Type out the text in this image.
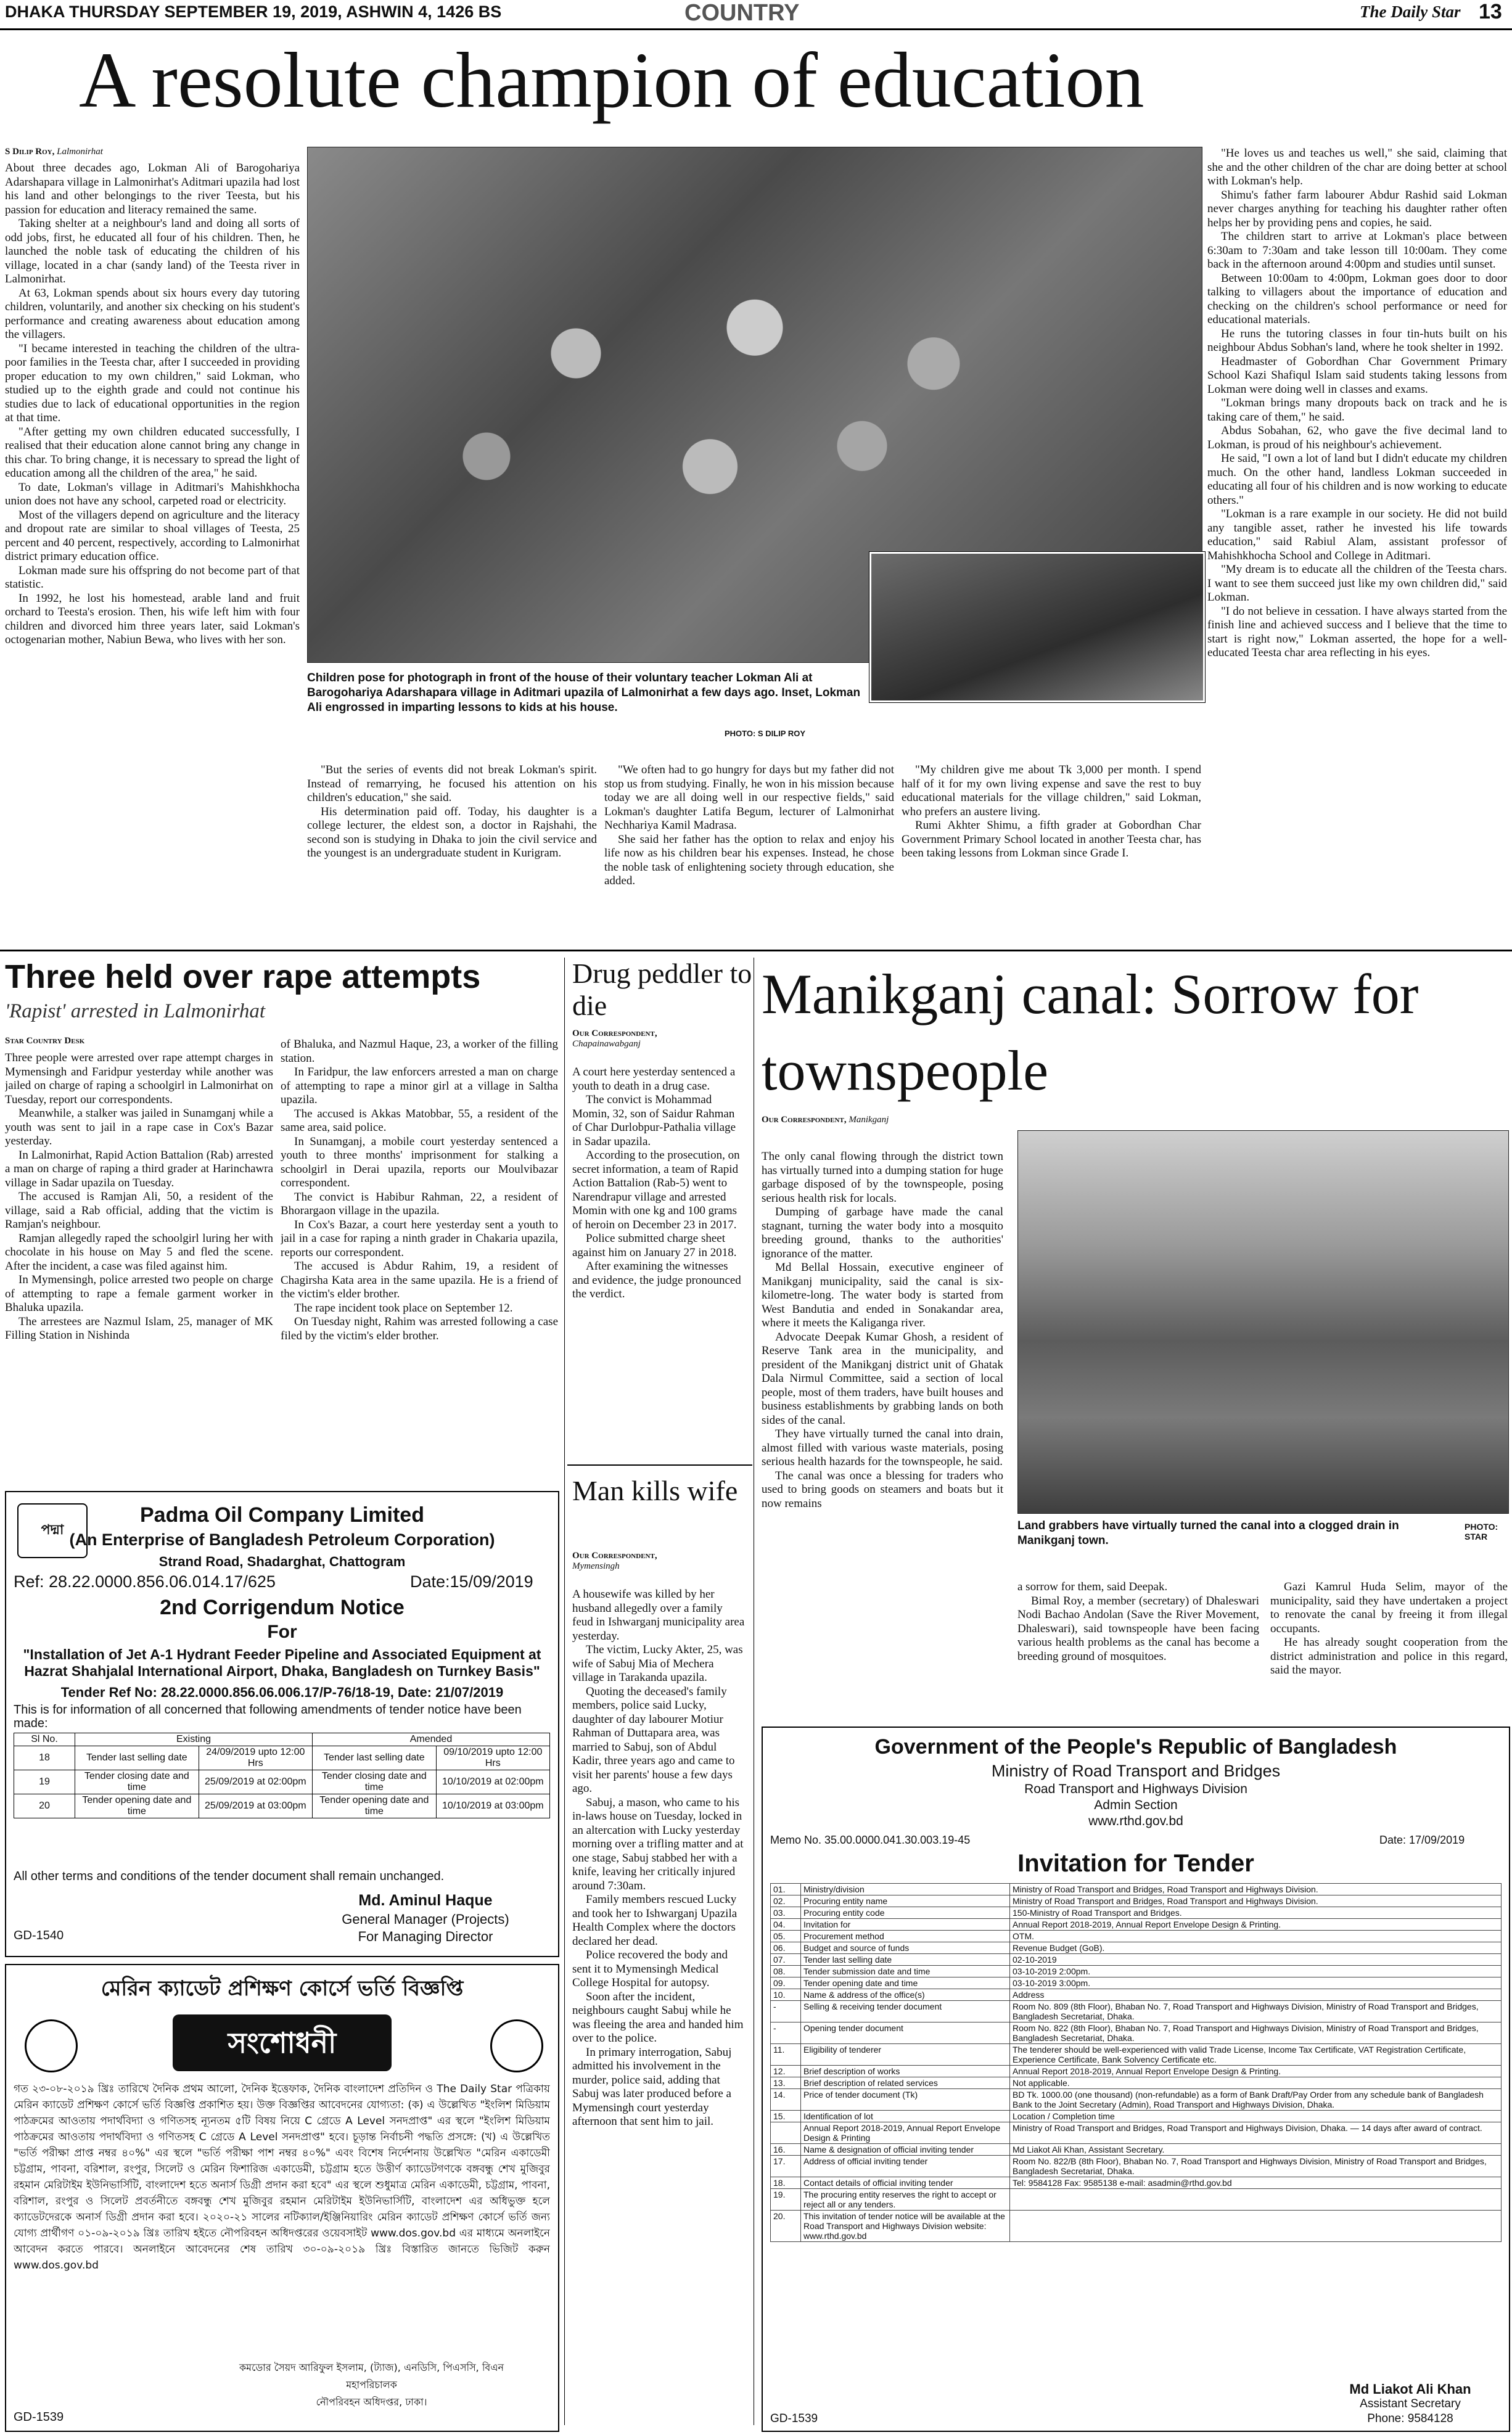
DHAKA THURSDAY SEPTEMBER 19, 2019, ASHWIN 4, 1426 BS	COUNTRY	The Daily Star 13
A resolute champion of education
S Dilip Roy, Lalmonirhat

About three decades ago, Lokman Ali of Barogohariya Adarshapara village in Lalmonirhat's Aditmari upazila had lost his land and other belongings to the river Teesta, but his passion for education and literacy remained the same.

Taking shelter at a neighbour's land and doing all sorts of odd jobs, first, he educated all four of his children. Then, he launched the noble task of educating the children of his village, located in a char (sandy land) of the Teesta river in Lalmonirhat.

At 63, Lokman spends about six hours every day tutoring children, voluntarily, and another six checking on his student's performance and creating awareness about education among the villagers.

"I became interested in teaching the children of the ultra-poor families in the Teesta char, after I succeeded in providing proper education to my own children," said Lokman, who studied up to the eighth grade and could not continue his studies due to lack of educational opportunities in the region at that time.

"After getting my own children educated successfully, I realised that their education alone cannot bring any change in this char. To bring change, it is necessary to spread the light of education among all the children of the area," he said.

To date, Lokman's village in Aditmari's Mahishkhocha union does not have any school, carpeted road or electricity.

Most of the villagers depend on agriculture and the literacy and dropout rate are similar to shoal villages of Teesta, 25 percent and 40 percent, respectively, according to Lalmonirhat district primary education office.

Lokman made sure his offspring do not become part of that statistic.

In 1992, he lost his homestead, arable land and fruit orchard to Teesta's erosion. Then, his wife left him with four children and divorced him three years later, said Lokman's octogenarian mother, Nabiun Bewa, who lives with her son.

Children pose for photograph in front of the house of their voluntary teacher Lokman Ali at Barogohariya Adarshapara village in Aditmari upazila of Lalmonirhat a few days ago. Inset, Lokman Ali engrossed in imparting lessons to kids at his house.
PHOTO: S DILIP ROY

"But the series of events did not break Lokman's spirit. Instead of remarrying, he focused his attention on his children's education," she said.

His determination paid off. Today, his daughter is a college lecturer, the eldest son, a doctor in Rajshahi, the second son is studying in Dhaka to join the civil service and the youngest is an undergraduate student in Kurigram.

"We often had to go hungry for days but my father did not stop us from studying. Finally, he won in his mission because today we are all doing well in our respective fields," said Lokman's daughter Latifa Begum, lecturer of Lalmonirhat Nechhariya Kamil Madrasa.

She said her father has the option to relax and enjoy his life now as his children bear his expenses. Instead, he chose the noble task of enlightening society through education, she added.

"My children give me about Tk 3,000 per month. I spend half of it for my own living expense and save the rest to buy educational materials for the village children," said Lokman, who prefers an austere living.

Rumi Akhter Shimu, a fifth grader at Gobordhan Char Government Primary School located in another Teesta char, has been taking lessons from Lokman since Grade I.

"He loves us and teaches us well," she said, claiming that she and the other children of the char are doing better at school with Lokman's help.

Shimu's father farm labourer Abdur Rashid said Lokman never charges anything for teaching his daughter rather often helps her by providing pens and copies, he said.

The children start to arrive at Lokman's place between 6:30am to 7:30am and take lesson till 10:00am. They come back in the afternoon around 4:00pm and studies until sunset.

Between 10:00am to 4:00pm, Lokman goes door to door talking to villagers about the importance of education and checking on the children's school performance or need for educational materials.

He runs the tutoring classes in four tin-huts built on his neighbour Abdus Sobhan's land, where he took shelter in 1992.

Headmaster of Gobordhan Char Government Primary School Kazi Shafiqul Islam said students taking lessons from Lokman were doing well in classes and exams.

"Lokman brings many dropouts back on track and he is taking care of them," he said.

Abdus Sobahan, 62, who gave the five decimal land to Lokman, is proud of his neighbour's achievement.

He said, "I own a lot of land but I didn't educate my children much. On the other hand, landless Lokman succeeded in educating all four of his children and is now working to educate others."

"Lokman is a rare example in our society. He did not build any tangible asset, rather he invested his life towards education," said Rabiul Alam, assistant professor of Mahishkhocha School and College in Aditmari.

"My dream is to educate all the children of the Teesta chars. I want to see them succeed just like my own children did," said Lokman.

"I do not believe in cessation. I have always started from the finish line and achieved success and I believe that the time to start is right now," Lokman asserted, the hope for a well-educated Teesta char area reflecting in his eyes.

Three held over rape attempts
'Rapist' arrested in Lalmonirhat
Star Country Desk

Three people were arrested over rape attempt charges in Mymensingh and Faridpur yesterday while another was jailed on charge of raping a schoolgirl in Lalmonirhat on Tuesday, report our correspondents.

Meanwhile, a stalker was jailed in Sunamganj while a youth was sent to jail in a rape case in Cox's Bazar yesterday.

In Lalmonirhat, Rapid Action Battalion (Rab) arrested a man on charge of raping a third grader at Harinchawra village in Sadar upazila on Tuesday.

The accused is Ramjan Ali, 50, a resident of the village, said a Rab official, adding that the victim is Ramjan's neighbour.

Ramjan allegedly raped the schoolgirl luring her with chocolate in his house on May 5 and fled the scene. After the incident, a case was filed against him.

In Mymensingh, police arrested two people on charge of attempting to rape a female garment worker in Bhaluka upazila.

The arrestees are Nazmul Islam, 25, manager of MK Filling Station in Nishinda

of Bhaluka, and Nazmul Haque, 23, a worker of the filling station.

In Faridpur, the law enforcers arrested a man on charge of attempting to rape a minor girl at a village in Saltha upazila.

The accused is Akkas Matobbar, 55, a resident of the same area, said police.

In Sunamganj, a mobile court yesterday sentenced a youth to three months' imprisonment for stalking a schoolgirl in Derai upazila, reports our Moulvibazar correspondent.

The convict is Habibur Rahman, 22, a resident of Bhorargaon village in the upazila.

In Cox's Bazar, a court here yesterday sent a youth to jail in a case for raping a ninth grader in Chakaria upazila, reports our correspondent.

The accused is Abdur Rahim, 19, a resident of Chagirsha Kata area in the same upazila. He is a friend of the victim's elder brother.

The rape incident took place on September 12.

On Tuesday night, Rahim was arrested following a case filed by the victim's elder brother.

Drug peddler to die
Our Correspondent,
Chapainawabganj

A court here yesterday sentenced a youth to death in a drug case.

The convict is Mohammad Momin, 32, son of Saidur Rahman of Char Durlobpur-Pathalia village in Sadar upazila.

According to the prosecution, on secret information, a team of Rapid Action Battalion (Rab-5) went to Narendrapur village and arrested Momin with one kg and 100 grams of heroin on December 23 in 2017.

Police submitted charge sheet against him on January 27 in 2018.

After examining the witnesses and evidence, the judge pronounced the verdict.

Man kills wife
Our Correspondent,
Mymensingh

A housewife was killed by her husband allegedly over a family feud in Ishwarganj municipality area yesterday.

The victim, Lucky Akter, 25, was wife of Sabuj Mia of Mechera village in Tarakanda upazila.

Quoting the deceased's family members, police said Lucky, daughter of day labourer Motiur Rahman of Duttapara area, was married to Sabuj, son of Abdul Kadir, three years ago and came to visit her parents' house a few days ago.

Sabuj, a mason, who came to his in-laws house on Tuesday, locked in an altercation with Lucky yesterday morning over a trifling matter and at one stage, Sabuj stabbed her with a knife, leaving her critically injured around 7:30am.

Family members rescued Lucky and took her to Ishwarganj Upazila Health Complex where the doctors declared her dead.

Police recovered the body and sent it to Mymensingh Medical College Hospital for autopsy.

Soon after the incident, neighbours caught Sabuj while he was fleeing the area and handed him over to the police.

In primary interrogation, Sabuj admitted his involvement in the murder, police said, adding that Sabuj was later produced before a Mymensingh court yesterday afternoon that sent him to jail.

Manikganj canal: Sorrow for townspeople
Our Correspondent, Manikganj

The only canal flowing through the district town has virtually turned into a dumping station for huge garbage disposed of by the townspeople, posing serious health risk for locals.

Dumping of garbage have made the canal stagnant, turning the water body into a mosquito breeding ground, thanks to the authorities' ignorance of the matter.

Md Bellal Hossain, executive engineer of Manikganj municipality, said the canal is six-kilometre-long. The water body is started from West Bandutia and ended in Sonakandar area, where it meets the Kaliganga river.

Advocate Deepak Kumar Ghosh, a resident of Reserve Tank area in the municipality, and president of the Manikganj district unit of Ghatak Dala Nirmul Committee, said a section of local people, most of them traders, have built houses and business establishments by grabbing lands on both sides of the canal.

They have virtually turned the canal into drain, almost filled with various waste materials, posing serious health hazards for the townspeople, he said.

The canal was once a blessing for traders who used to bring goods on steamers and boats but it now remains

Land grabbers have virtually turned the canal into a clogged drain in Manikganj town.
PHOTO: STAR

a sorrow for them, said Deepak.

Bimal Roy, a member (secretary) of Dhaleswari Nodi Bachao Andolan (Save the River Movement, Dhaleswari), said townspeople have been facing various health problems as the canal has become a breeding ground of mosquitoes.

Gazi Kamrul Huda Selim, mayor of the municipality, said they have undertaken a project to renovate the canal by freeing it from illegal occupants.

He has already sought cooperation from the district administration and police in this regard, said the mayor.

পদ্মা
Padma Oil Company Limited
(An Enterprise of Bangladesh Petroleum Corporation)
Strand Road, Shadarghat, Chattogram
Ref: 28.22.0000.856.06.014.17/625	Date:15/09/2019
2nd Corrigendum Notice
For
"Installation of Jet A-1 Hydrant Feeder Pipeline and Associated Equipment at Hazrat Shahjalal International Airport, Dhaka, Bangladesh on Turnkey Basis"
Tender Ref No: 28.22.0000.856.06.006.17/P-76/18-19, Date: 21/07/2019
This is for information of all concerned that following amendments of tender notice have been made:
Sl No.	Existing		Amended	
18	Tender last selling date	24/09/2019 upto 12:00 Hrs	Tender last selling date	09/10/2019 upto 12:00 Hrs
19	Tender closing date and time	25/09/2019 at 02:00pm	Tender closing date and time	10/10/2019 at 02:00pm
20	Tender opening date and time	25/09/2019 at 03:00pm	Tender opening date and time	10/10/2019 at 03:00pm
All other terms and conditions of the tender document shall remain unchanged.
Md. Aminul Haque
General Manager (Projects)
For Managing Director
GD-1540
মেরিন ক্যাডেট প্রশিক্ষণ কোর্সে ভর্তি বিজ্ঞপ্তি
সংশোধনী
গত ২৩-০৮-২০১৯ খ্রিঃ তারিখে দৈনিক প্রথম আলো, দৈনিক ইত্তেফাক, দৈনিক বাংলাদেশ প্রতিদিন ও The Daily Star পত্রিকায় মেরিন ক্যাডেট প্রশিক্ষণ কোর্সে ভর্তি বিজ্ঞপ্তি প্রকাশিত হয়। উক্ত বিজ্ঞপ্তির আবেদনের যোগ্যতা: (ক) এ উল্লেখিত "ইংলিশ মিডিয়াম পাঠক্রমের আওতায় পদার্থবিদ্যা ও গণিতসহ ন্যূনতম ৫টি বিষয় নিয়ে C গ্রেডে A Level সনদপ্রাপ্ত" এর স্থলে "ইংলিশ মিডিয়াম পাঠক্রমের আওতায় পদার্থবিদ্যা ও গণিতসহ C গ্রেডে A Level সনদপ্রাপ্ত" হবে। চূড়ান্ত নির্বাচনী পদ্ধতি প্রসঙ্গে: (খ) এ উল্লেখিত "ভর্তি পরীক্ষা প্রাপ্ত নম্বর ৪০%" এর স্থলে "ভর্তি পরীক্ষা পাশ নম্বর ৪০%" এবং বিশেষ নির্দেশনায় উল্লেখিত "মেরিন একাডেমী চট্টগ্রাম, পাবনা, বরিশাল, রংপুর, সিলেট ও মেরিন ফিশারিজ একাডেমী, চট্টগ্রাম হতে উত্তীর্ণ ক্যাডেটগণকে বঙ্গবন্ধু শেখ মুজিবুর রহমান মেরিটাইম ইউনিভার্সিটি, বাংলাদেশ হতে অনার্স ডিগ্রী প্রদান করা হবে" এর স্থলে শুধুমাত্র মেরিন একাডেমী, চট্টগ্রাম, পাবনা, বরিশাল, রংপুর ও সিলেট প্রবর্তনীতে বঙ্গবন্ধু শেখ মুজিবুর রহমান মেরিটাইম ইউনিভার্সিটি, বাংলাদেশ এর অধিভুক্ত হলে ক্যাডেটদেরকে অনার্স ডিগ্রী প্রদান করা হবে। ২০২০-২১ সালের নটিক্যাল/ইঞ্জিনিয়ারিং মেরিন ক্যাডেট প্রশিক্ষণ কোর্সে ভর্তি জন্য যোগ্য প্রার্থীগণ ০১-০৯-২০১৯ খ্রিঃ তারিখ হইতে নৌপরিবহন অধিদপ্তরের ওয়েবসাইট www.dos.gov.bd এর মাধ্যমে অনলাইনে আবেদন করতে পারবে। অনলাইনে আবেদনের শেষ তারিখ ৩০-০৯-২০১৯ খ্রিঃ বিস্তারিত জানতে ভিজিট করুন www.dos.gov.bd
কমডোর সৈয়দ আরিফুল ইসলাম, (ট্যাজ), এনডিসি, পিএসসি, বিএন
মহাপরিচালক
নৌপরিবহন অধিদপ্তর, ঢাকা।
GD-1539
Government of the People's Republic of Bangladesh
Ministry of Road Transport and Bridges
Road Transport and Highways Division
Admin Section
www.rthd.gov.bd
Memo No. 35.00.0000.041.30.003.19-45	Date: 17/09/2019
Invitation for Tender
01.	Ministry/division	Ministry of Road Transport and Bridges, Road Transport and Highways Division.
02.	Procuring entity name	Ministry of Road Transport and Bridges, Road Transport and Highways Division.
03.	Procuring entity code	150-Ministry of Road Transport and Bridges.
04.	Invitation for	Annual Report 2018-2019, Annual Report Envelope Design & Printing.
05.	Procurement method	OTM.
06.	Budget and source of funds	Revenue Budget (GoB).
07.	Tender last selling date	02-10-2019
08.	Tender submission date and time	03-10-2019 2:00pm.
09.	Tender opening date and time	03-10-2019 3:00pm.
10.	Name & address of the office(s)	Address
-	Selling & receiving tender document	Room No. 809 (8th Floor), Bhaban No. 7, Road Transport and Highways Division, Ministry of Road Transport and Bridges, Bangladesh Secretariat, Dhaka.
-	Opening tender document	Room No. 822 (8th Floor), Bhaban No. 7, Road Transport and Highways Division, Ministry of Road Transport and Bridges, Bangladesh Secretariat, Dhaka.
11.	Eligibility of tenderer	The tenderer should be well-experienced with valid Trade License, Income Tax Certificate, VAT Registration Certificate, Experience Certificate, Bank Solvency Certificate etc.
12.	Brief description of works	Annual Report 2018-2019, Annual Report Envelope Design & Printing.
13.	Brief description of related services	Not applicable.
14.	Price of tender document (Tk)	BD Tk. 1000.00 (one thousand) (non-refundable) as a form of Bank Draft/Pay Order from any schedule bank of Bangladesh Bank to the Joint Secretary (Admin), Road Transport and Highways Division, Dhaka.
15.	Identification of lot	Location / Completion time
	Annual Report 2018-2019, Annual Report Envelope Design & Printing	Ministry of Road Transport and Bridges, Road Transport and Highways Division, Dhaka. — 14 days after award of contract.
16.	Name & designation of official inviting tender	Md Liakot Ali Khan, Assistant Secretary.
17.	Address of official inviting tender	Room No. 822/B (8th Floor), Bhaban No. 7, Road Transport and Highways Division, Ministry of Road Transport and Bridges, Bangladesh Secretariat, Dhaka.
18.	Contact details of official inviting tender	Tel: 9584128 Fax: 9585138 e-mail: asadmin@rthd.gov.bd
19.	The procuring entity reserves the right to accept or reject all or any tenders.	
20.	This invitation of tender notice will be available at the Road Transport and Highways Division website: www.rthd.gov.bd	
Md Liakot Ali Khan
Assistant Secretary
Phone: 9584128
GD-1539
